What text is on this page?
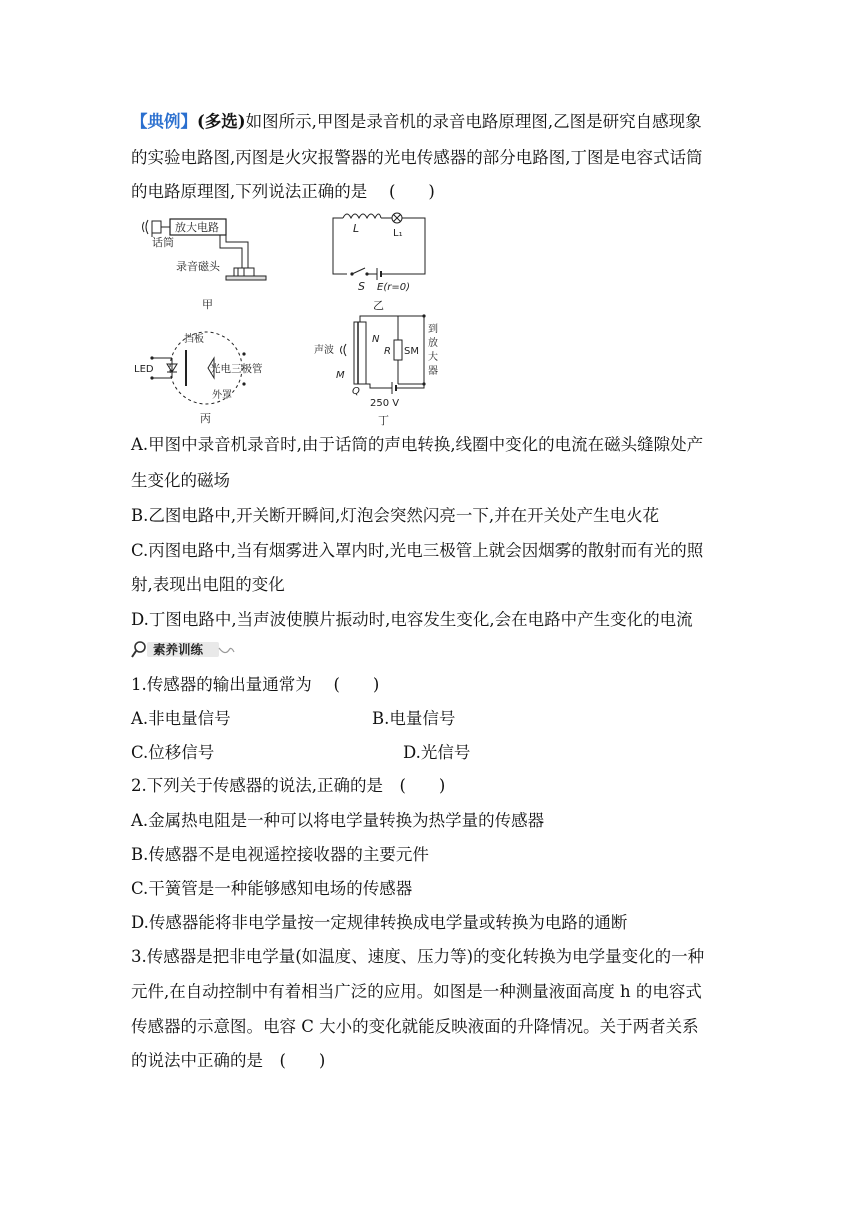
【典例】(多选)如图所示,甲图是录音机的录音电路原理图,乙图是研究自感现象
的实验电路图,丙图是火灾报警器的光电传感器的部分电路图,丁图是电容式话筒
的电路原理图,下列说法正确的是　 (　　)
放大电路
话筒
录音磁头
甲
L	L₁
S E(r=0)
乙
LED
挡板
光电三极管
外罩
丙
声波
N
M
Q
R SM
250 V
到
放
大
器
丁
A.甲图中录音机录音时,由于话筒的声电转换,线圈中变化的电流在磁头缝隙处产
生变化的磁场
B.乙图电路中,开关断开瞬间,灯泡会突然闪亮一下,并在开关处产生电火花
C.丙图电路中,当有烟雾进入罩内时,光电三极管上就会因烟雾的散射而有光的照
射,表现出电阻的变化
D.丁图电路中,当声波使膜片振动时,电容发生变化,会在电路中产生变化的电流
素养训练
1.传感器的输出量通常为　 (　　)
A.非电量信号	B.电量信号
C.位移信号	D.光信号
2.下列关于传感器的说法,正确的是　(　　)
A.金属热电阻是一种可以将电学量转换为热学量的传感器
B.传感器不是电视遥控接收器的主要元件
C.干簧管是一种能够感知电场的传感器
D.传感器能将非电学量按一定规律转换成电学量或转换为电路的通断
3.传感器是把非电学量(如温度、速度、压力等)的变化转换为电学量变化的一种
元件,在自动控制中有着相当广泛的应用。如图是一种测量液面高度 h 的电容式
传感器的示意图。电容 C 大小的变化就能反映液面的升降情况。关于两者关系
的说法中正确的是　(　　)
